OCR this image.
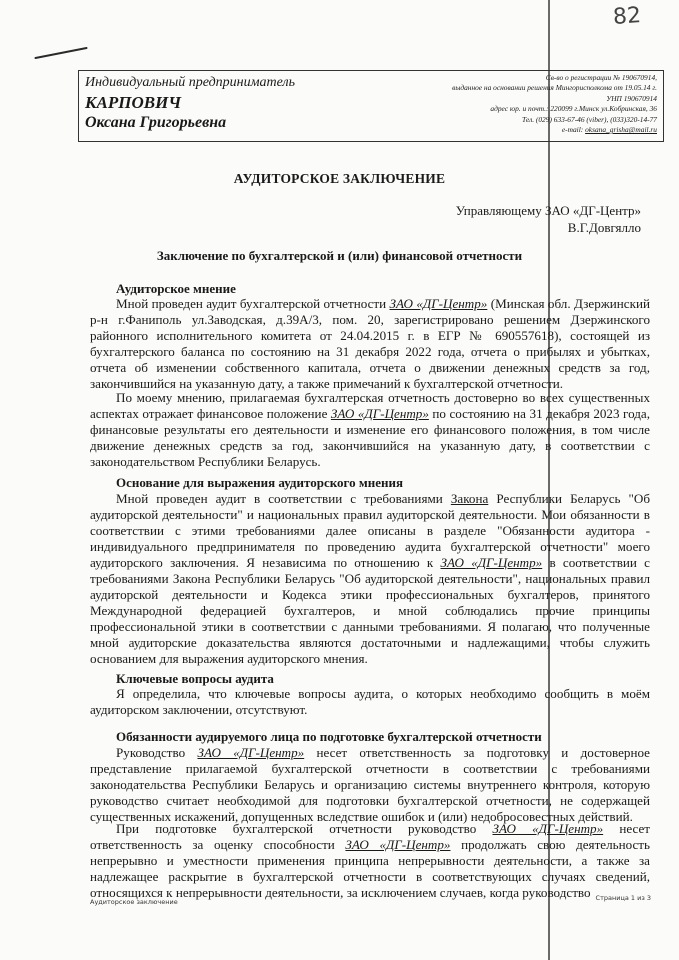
82
Индивидуальный предприниматель
КАРПОВИЧ
Оксана Григорьевна
Св-во о регистрации № 190670914,
выданное на основании решения Мингорисполкома от 19.05.14 г.
УНП 190670914
адрес юр. и почт.: 220099 г.Минск ул.Кобринская, 36
Тел. (029) 633-67-46 (viber), (033)320-14-77
e-mail: oksana_grisha@mail.ru
АУДИТОРСКОЕ ЗАКЛЮЧЕНИЕ
Управляющему ЗАО «ДГ-Центр»
В.Г.Довгялло
Заключение по бухгалтерской и (или) финансовой отчетности
Аудиторское мнение

Мной проведен аудит бухгалтерской отчетности ЗАО «ДГ-Центр» (Минская обл. Дзержинский р-н г.Фаниполь ул.Заводская, д.39А/3, пом. 20, зарегистрировано решением Дзержинского районного исполнительного комитета от 24.04.2015 г. в ЕГР № 690557618), состоящей из бухгалтерского баланса по состоянию на 31 декабря 2022 года, отчета о прибылях и убытках, отчета об изменении собственного капитала, отчета о движении денежных средств за год, закончившийся на указанную дату, а также примечаний к бухгалтерской отчетности.

По моему мнению, прилагаемая бухгалтерская отчетность достоверно во всех существенных аспектах отражает финансовое положение ЗАО «ДГ-Центр» по состоянию на 31 декабря 2023 года, финансовые результаты его деятельности и изменение его финансового положения, в том числе движение денежных средств за год, закончившийся на указанную дату, в соответствии с законодательством Республики Беларусь.

Основание для выражения аудиторского мнения

Мной проведен аудит в соответствии с требованиями Закона Республики Беларусь "Об аудиторской деятельности" и национальных правил аудиторской деятельности. Мои обязанности в соответствии с этими требованиями далее описаны в разделе "Обязанности аудитора - индивидуального предпринимателя по проведению аудита бухгалтерской отчетности" моего аудиторского заключения. Я независима по отношению к ЗАО «ДГ-Центр» в соответствии с требованиями Закона Республики Беларусь "Об аудиторской деятельности", национальных правил аудиторской деятельности и Кодекса этики профессиональных бухгалтеров, принятого Международной федерацией бухгалтеров, и мной соблюдались прочие принципы профессиональной этики в соответствии с данными требованиями. Я полагаю, что полученные мной аудиторские доказательства являются достаточными и надлежащими, чтобы служить основанием для выражения аудиторского мнения.

Ключевые вопросы аудита

Я определила, что ключевые вопросы аудита, о которых необходимо сообщить в моём аудиторском заключении, отсутствуют.

Обязанности аудируемого лица по подготовке бухгалтерской отчетности

Руководство ЗАО «ДГ-Центр» несет ответственность за подготовку и достоверное представление прилагаемой бухгалтерской отчетности в соответствии с требованиями законодательства Республики Беларусь и организацию системы внутреннего контроля, которую руководство считает необходимой для подготовки бухгалтерской отчетности, не содержащей существенных искажений, допущенных вследствие ошибок и (или) недобросовестных действий.

При подготовке бухгалтерской отчетности руководство ЗАО «ДГ-Центр» несет ответственность за оценку способности ЗАО «ДГ-Центр» продолжать свою деятельность непрерывно и уместности применения принципа непрерывности деятельности, а также за надлежащее раскрытие в бухгалтерской отчетности в соответствующих случаях сведений, относящихся к непрерывности деятельности, за исключением случаев, когда руководство

Аудиторское заключение	Страница 1 из 3
